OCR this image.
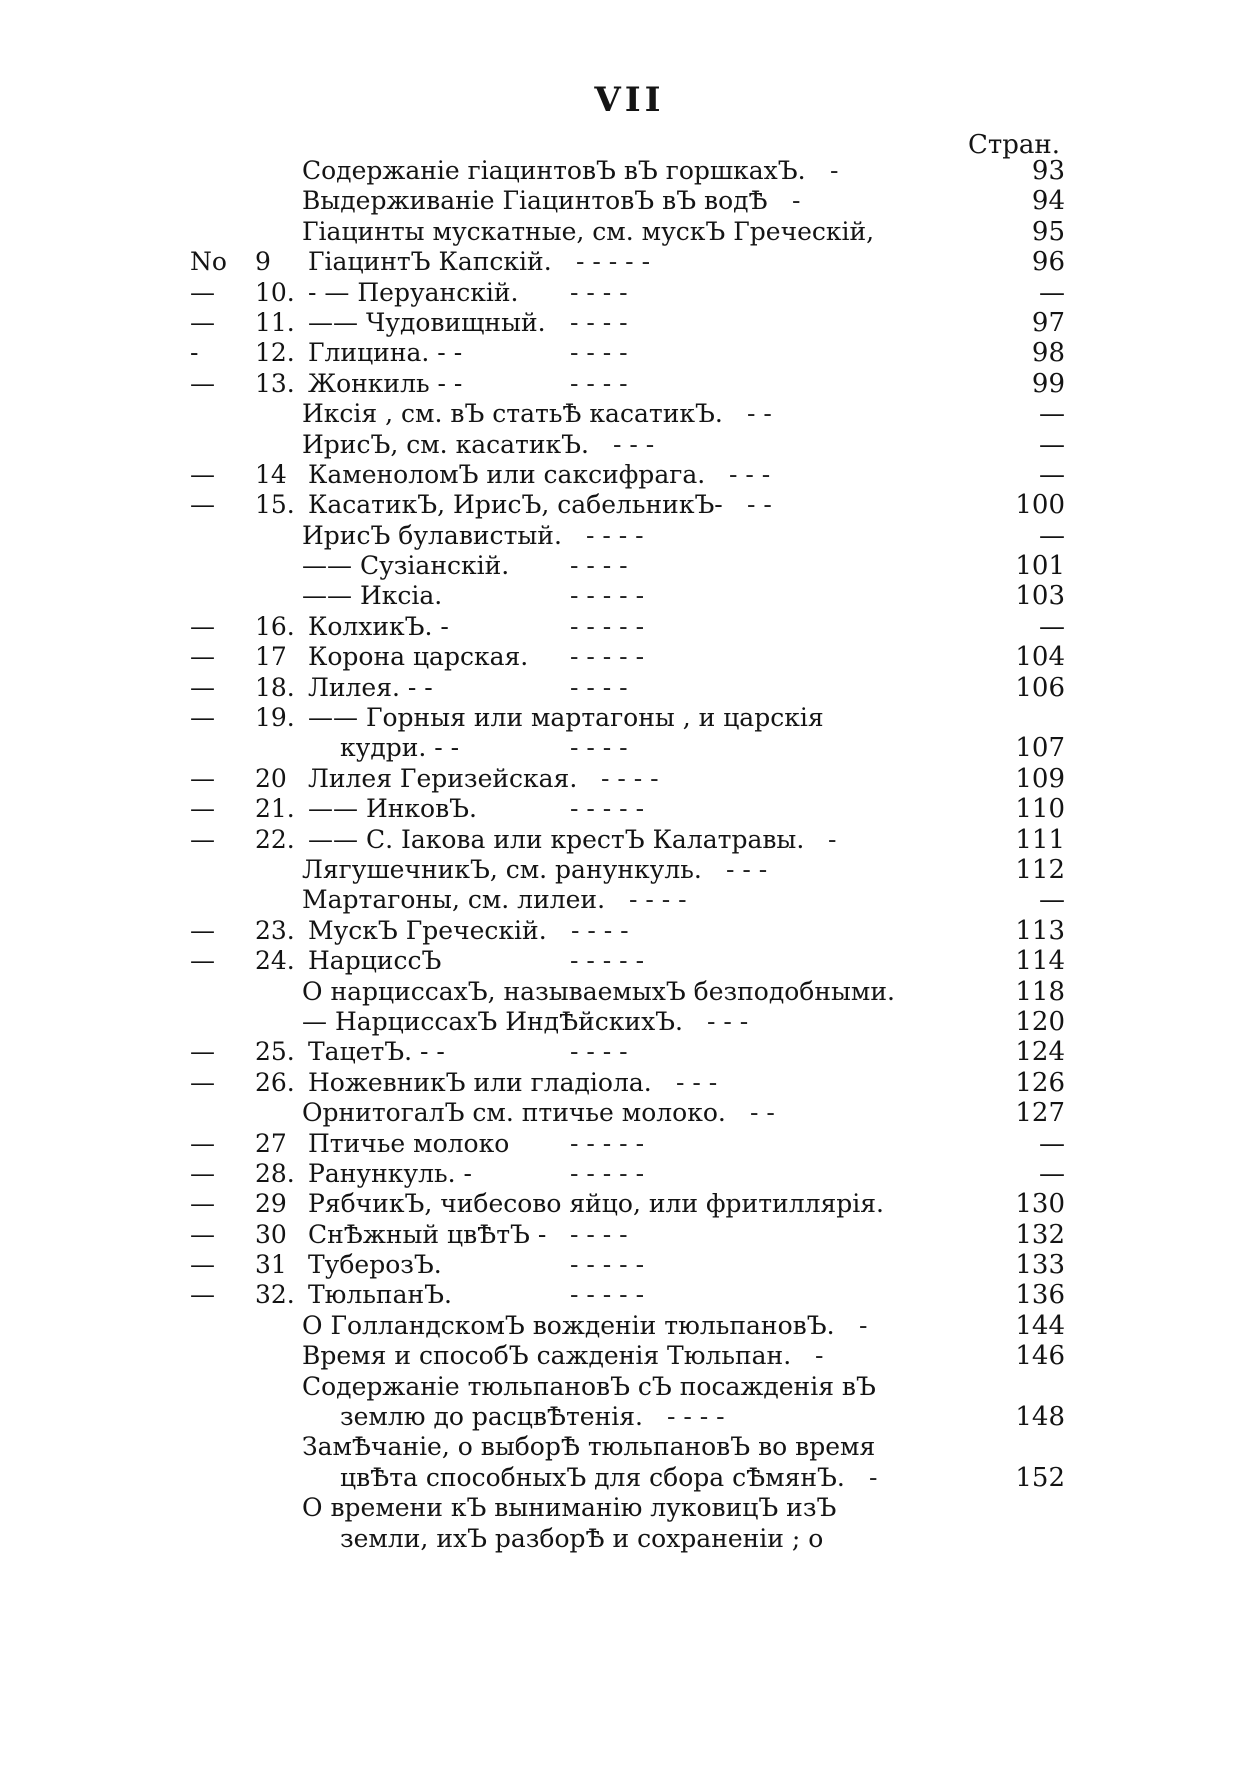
VII
Стран.
Содержанie гiацинтовЪ вЪ горшкахЪ. -	93
Выдерживанie ГiацинтовЪ вЪ водѢ -	94
Гiацинты мускатные, см. мускЪ Греческiй,	95
No	9	ГiацинтЪ Капскiй. - - - - -	96
—	10. - — Перуанскiй. - - - -	—
—	11. —— Чудовищный. - - - -	97
-	12. Глицина. - -	- - - -	98
—	13. Жонкиль - -	- - - -	99
Иксiя , см. вЪ статьѢ касатикЪ. - -	—
ИрисЪ, см. касатикЪ. - - -	—
—	14 КаменоломЪ или саксифрага. - - -	—
—	15. КасатикЪ, ИрисЪ, сабельникЪ- - -	100
ИрисЪ булавистый. - - - -	—
—— Сузiанскiй. - - - -	101
—— Иксiа.	- - - - -	103
—	16. КолхикЪ. -	- - - - -	—
—	17 Корона царская. - - - - -	104
—	18. Лилея. - -	- - - -	106
—	19. —— Горныя или мартагоны , и царскiя
кудри. - -	- - - -	107
—	20 Лилея Гeризейская. - - - -	109
—	21. —— ИнковЪ.	- - - - -	110
—	22. —— С. Iакова или крестЪ Калатравы. -	111
ЛягушечникЪ, см. ранункуль. - - -	112
Мартагоны, см. лилеи. - - - -	—
—	23. МускЪ Греческiй. - - - -	113
—	24. НарциссЪ	- - - - -	114
О нарциссахЪ, называемыхЪ безподобными.	118
— НарциссахЪ ИндѢйскихЪ. - - -	120
—	25. ТацетЪ. - -	- - - -	124
—	26. НожевникЪ или гладiола. - - -	126
ОрнитогалЪ см. птичье молоко. - -	127
—	27 Птичье молоко - - - - -	—
—	28. Ранункуль. -	- - - - -	—
—	29 РябчикЪ, чибесово яйцо, или фритиллярiя.	130
—	30 СнѢжный цвѢтЪ - - - - -	132
—	31 ТуберозЪ.	- - - - -	133
—	32. ТюльпанЪ.	- - - - -	136
О ГолландскомЪ вожденiи тюльпановЪ. -	144
Время и способЪ сажденiя Тюльпан. -	146
Содержанiе тюльпановЪ сЪ посажденiя вЪ
землю до расцвѢтенiя. - - - -	148
ЗамѢчанiе, о выборѢ тюльпановЪ во время
цвѢта способныхЪ для сбора сѢмянЪ. -	152
О времени кЪ выниманiю луковицЪ изЪ
земли, ихЪ разборѢ и сохраненiи ; о
